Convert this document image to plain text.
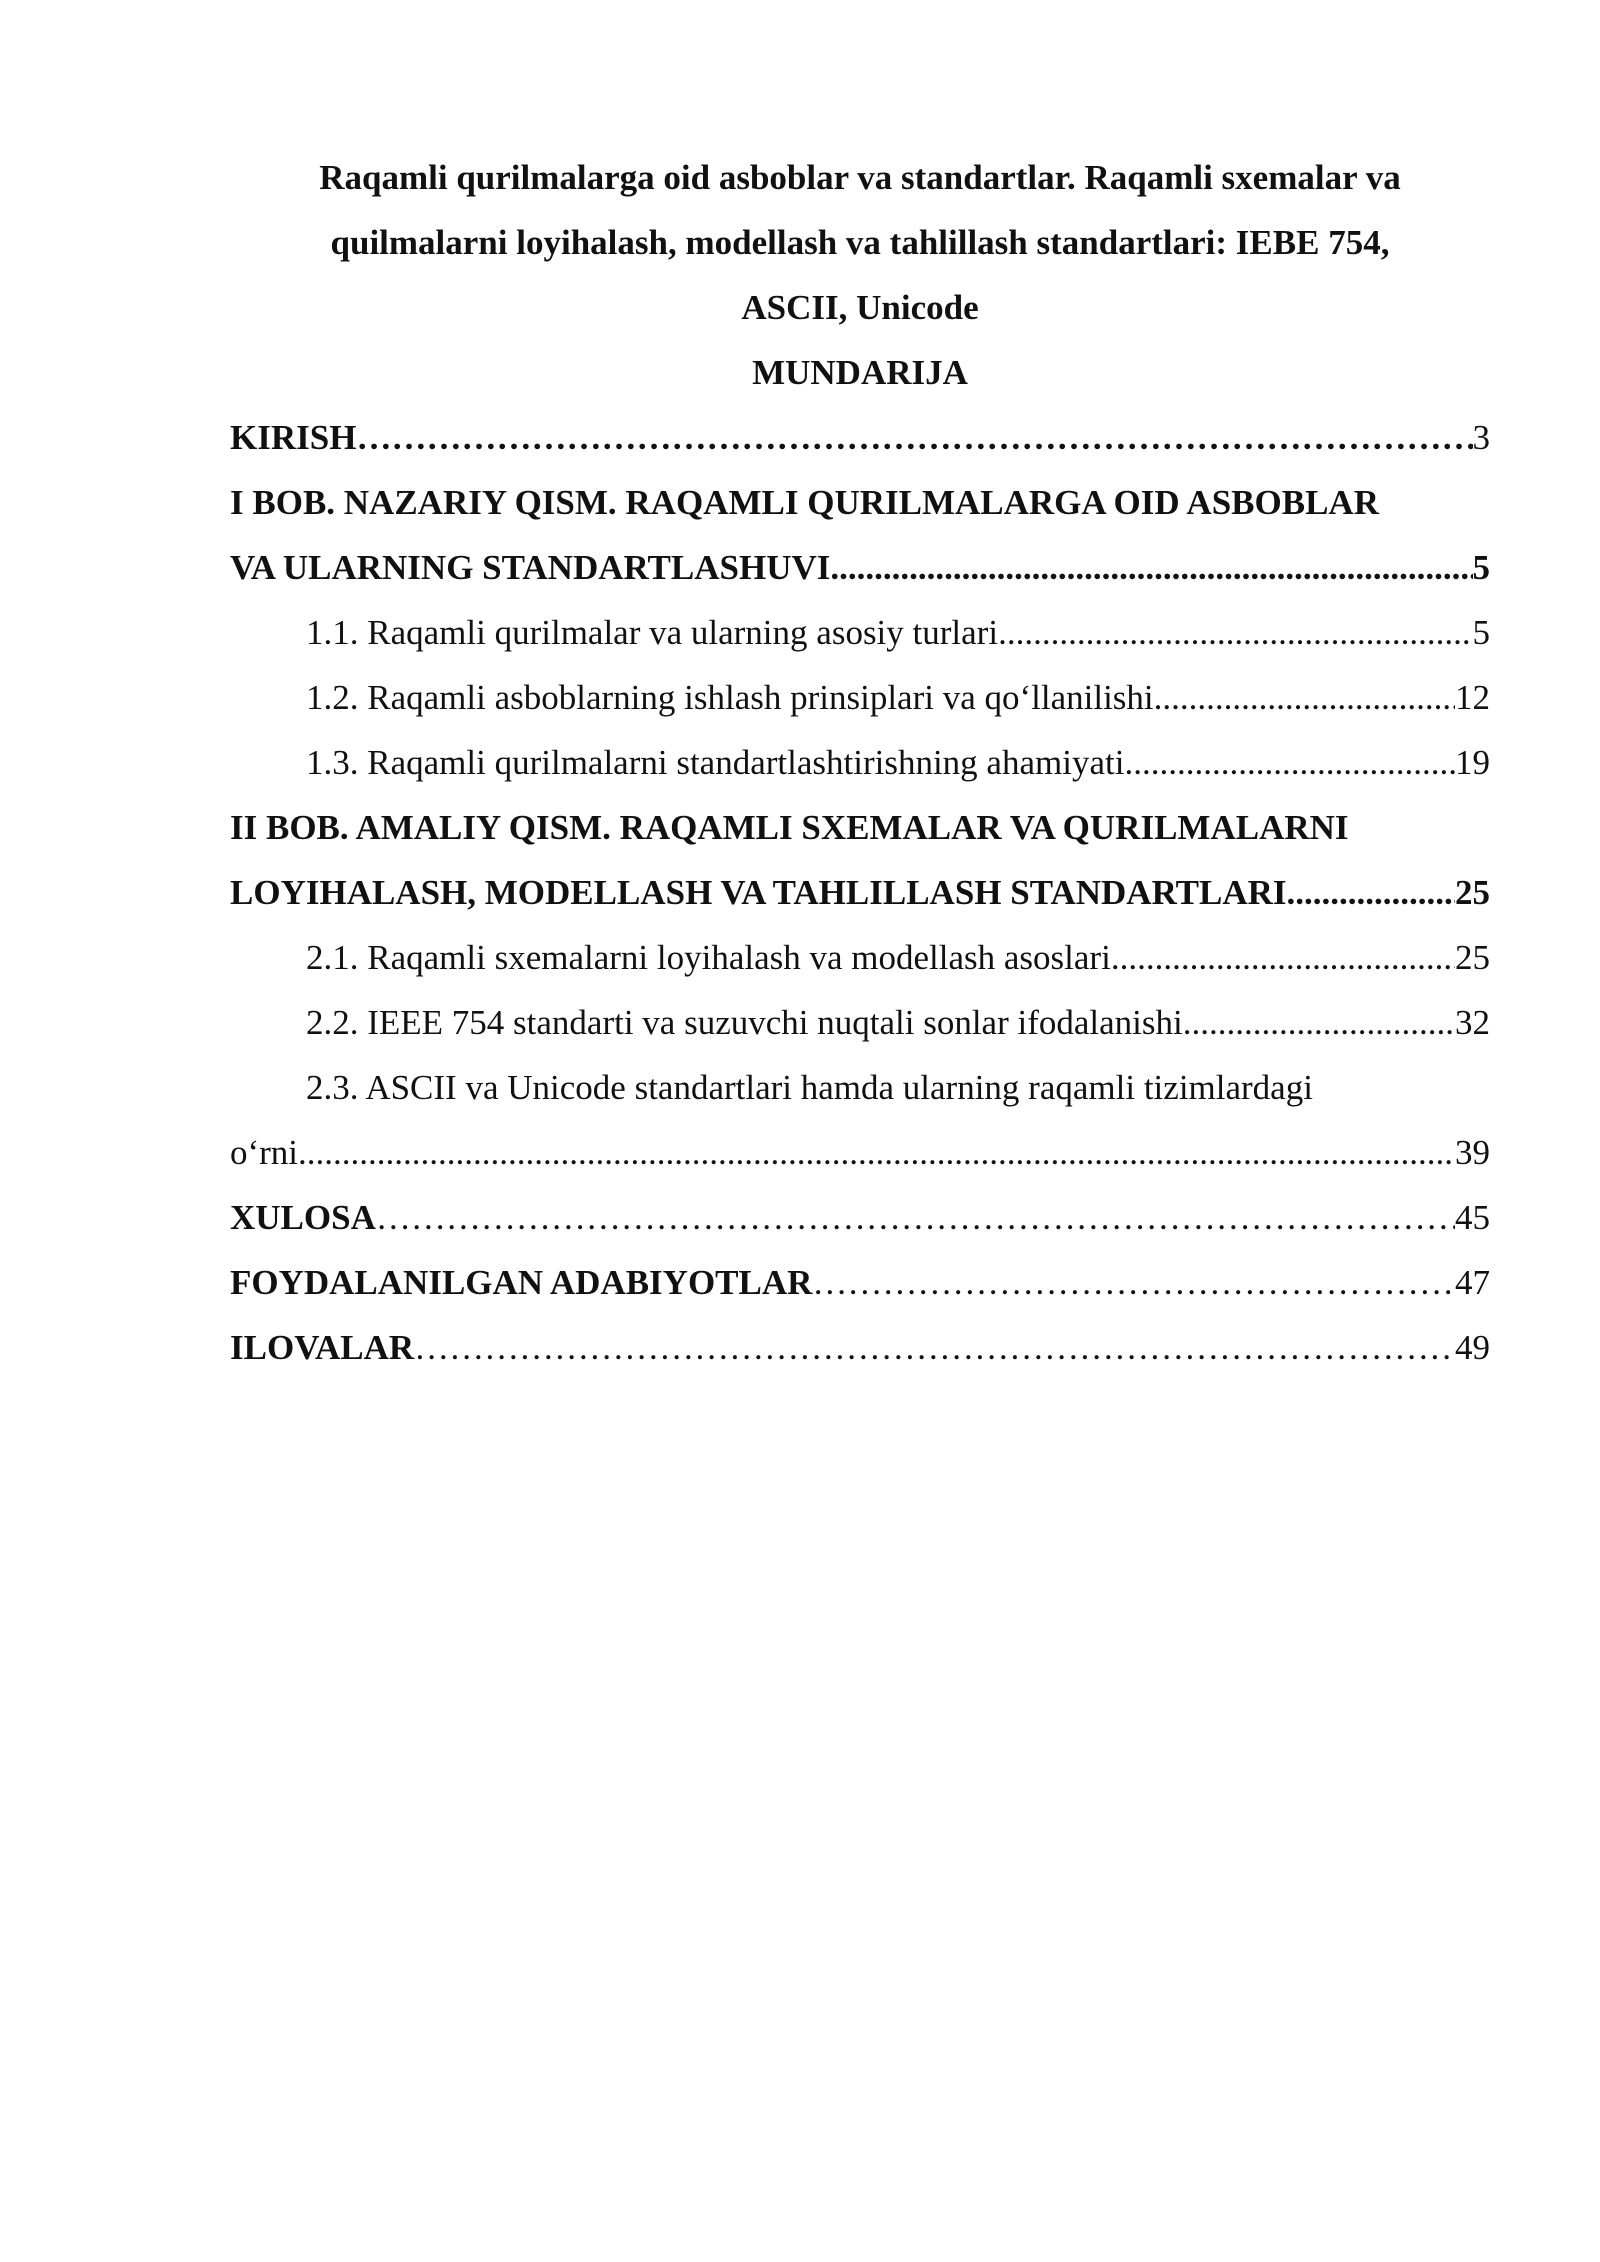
Raqamli qurilmalarga oid asboblar va standartlar. Raqamli sxemalar va
quilmalarni loyihalash, modellash va tahlillash standartlari: IEBE 754,
ASCII, Unicode
MUNDARIJA
KIRISH …………………………………………………………………………………………………………………………………………………………………………………………………………………………………………………	3
I BOB. NAZARIY QISM. RAQAMLI QURILMALARGA OID ASBOBLAR
VA ULARNING STANDARTLASHUVI .....	5
1.1. Raqamli qurilmalar va ularning asosiy turlari .....	5
1.2. Raqamli asboblarning ishlash prinsiplari va qo‘llanilishi .....	12
1.3. Raqamli qurilmalarni standartlashtirishning ahamiyati .....	19
II BOB. AMALIY QISM. RAQAMLI SXEMALAR VA QURILMALARNI
LOYIHALASH, MODELLASH VA TAHLILLASH STANDARTLARI .....	25
2.1. Raqamli sxemalarni loyihalash va modellash asoslari .....	25
2.2. IEEE 754 standarti va suzuvchi nuqtali sonlar ifodalanishi .....	32
2.3. ASCII va Unicode standartlari hamda ularning raqamli tizimlardagi
o‘rni .....	39
XULOSA …………………………………………………………………………………………………………………………………………………………………………………………………………………………………………………	45
FOYDALANILGAN ADABIYOTLAR …………………………………………………………………………………………………………………………………………………………………………………………………………………………………………………	47
ILOVALAR …………………………………………………………………………………………………………………………………………………………………………………………………………………………………………………	49
